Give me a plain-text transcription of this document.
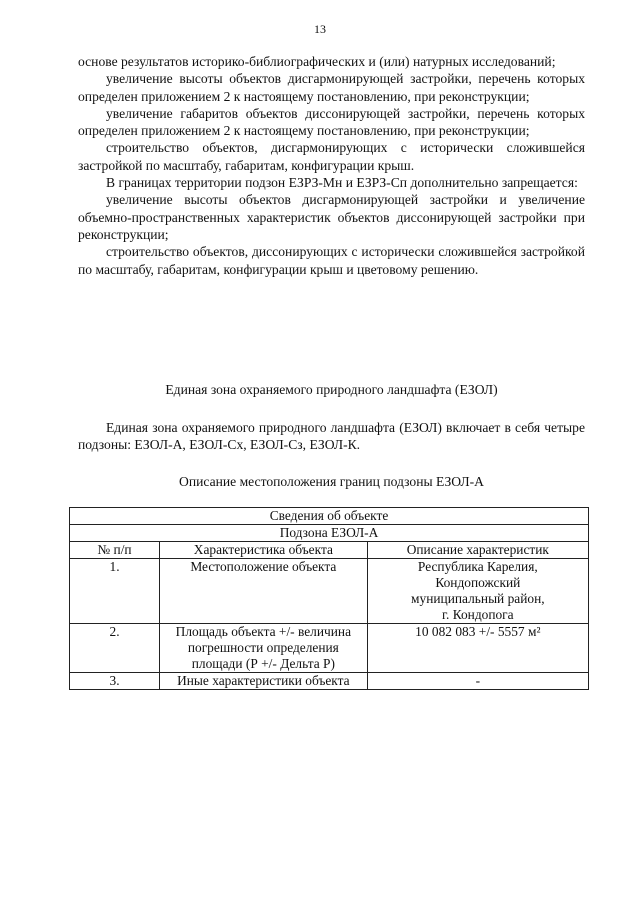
13

основе результатов историко-библиографических и (или) натурных исследований;

увеличение высоты объектов дисгармонирующей застройки, перечень которых определен приложением 2 к настоящему постановлению, при реконструкции;

увеличение габаритов объектов диссонирующей застройки, перечень которых определен приложением 2 к настоящему постановлению, при реконструкции;

строительство объектов, дисгармонирующих с исторически сложившейся застройкой по масштабу, габаритам, конфигурации крыш.

В границах территории подзон ЕЗРЗ-Мн и ЕЗРЗ-Сп дополнительно запрещается:

увеличение высоты объектов дисгармонирующей застройки и увеличение объемно-пространственных характеристик объектов диссонирующей застройки при реконструкции;

строительство объектов, диссонирующих с исторически сложившейся застройкой по масштабу, габаритам, конфигурации крыш и цветовому решению.

Единая зона охраняемого природного ландшафта (ЕЗОЛ)

Единая зона охраняемого природного ландшафта (ЕЗОЛ) включает в себя четыре подзоны: ЕЗОЛ-А, ЕЗОЛ-Сх, ЕЗОЛ-Сз, ЕЗОЛ-К.

Описание местоположения границ подзоны ЕЗОЛ-А
Сведения об объекте		
Подзона ЕЗОЛ-А		
№ п/п	Характеристика объекта	Описание характеристик
1.	Местоположение объекта	Республика Карелия,
Кондопожский
муниципальный район,
г. Кондопога

2.	Площадь объекта +/- величина
погрешности определения
площади (Р +/- Дельта Р)	10 082 083 +/- 5557 м²

3.	Иные характеристики объекта	-
